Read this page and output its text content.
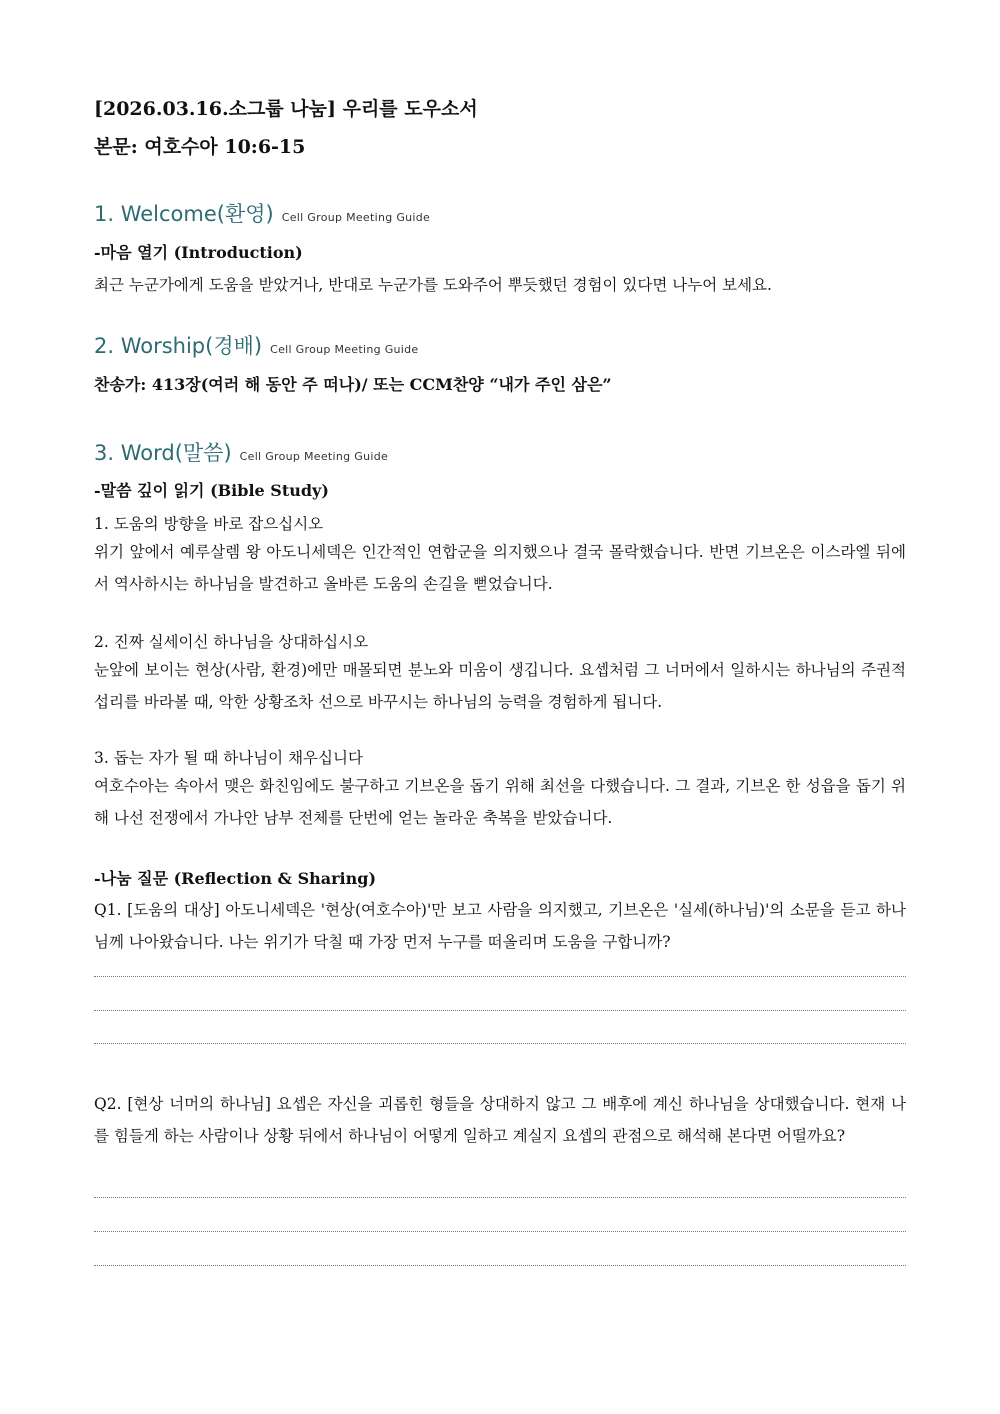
[2026.03.16.소그룹 나눔] 우리를 도우소서
본문: 여호수아 10:6-15
1. Welcome(환영) Cell Group Meeting Guide
-마음 열기 (Introduction)
최근 누군가에게 도움을 받았거나, 반대로 누군가를 도와주어 뿌듯했던 경험이 있다면 나누어 보세요.
2. Worship(경배) Cell Group Meeting Guide
찬송가: 413장(여러 해 동안 주 떠나)/ 또는 CCM찬양 “내가 주인 삼은”
3. Word(말씀) Cell Group Meeting Guide
-말씀 깊이 읽기 (Bible Study)
1. 도움의 방향을 바로 잡으십시오

위기 앞에서 예루살렘 왕 아도니세덱은 인간적인 연합군을 의지했으나 결국 몰락했습니다. 반면 기브온은 이스라엘 뒤에서 역사하시는 하나님을 발견하고 올바른 도움의 손길을 뻗었습니다.

2. 진짜 실세이신 하나님을 상대하십시오

눈앞에 보이는 현상(사람, 환경)에만 매몰되면 분노와 미움이 생깁니다. 요셉처럼 그 너머에서 일하시는 하나님의 주권적 섭리를 바라볼 때, 악한 상황조차 선으로 바꾸시는 하나님의 능력을 경험하게 됩니다.

3. 돕는 자가 될 때 하나님이 채우십니다

여호수아는 속아서 맺은 화친임에도 불구하고 기브온을 돕기 위해 최선을 다했습니다. 그 결과, 기브온 한 성읍을 돕기 위해 나선 전쟁에서 가나안 남부 전체를 단번에 얻는 놀라운 축복을 받았습니다.

-나눔 질문 (Reflection & Sharing)

Q1. [도움의 대상] 아도니세덱은 '현상(여호수아)'만 보고 사람을 의지했고, 기브온은 '실세(하나님)'의 소문을 듣고 하나님께 나아왔습니다. 나는 위기가 닥칠 때 가장 먼저 누구를 떠올리며 도움을 구합니까?

Q2. [현상 너머의 하나님] 요셉은 자신을 괴롭힌 형들을 상대하지 않고 그 배후에 계신 하나님을 상대했습니다. 현재 나를 힘들게 하는 사람이나 상황 뒤에서 하나님이 어떻게 일하고 계실지 요셉의 관점으로 해석해 본다면 어떨까요?
